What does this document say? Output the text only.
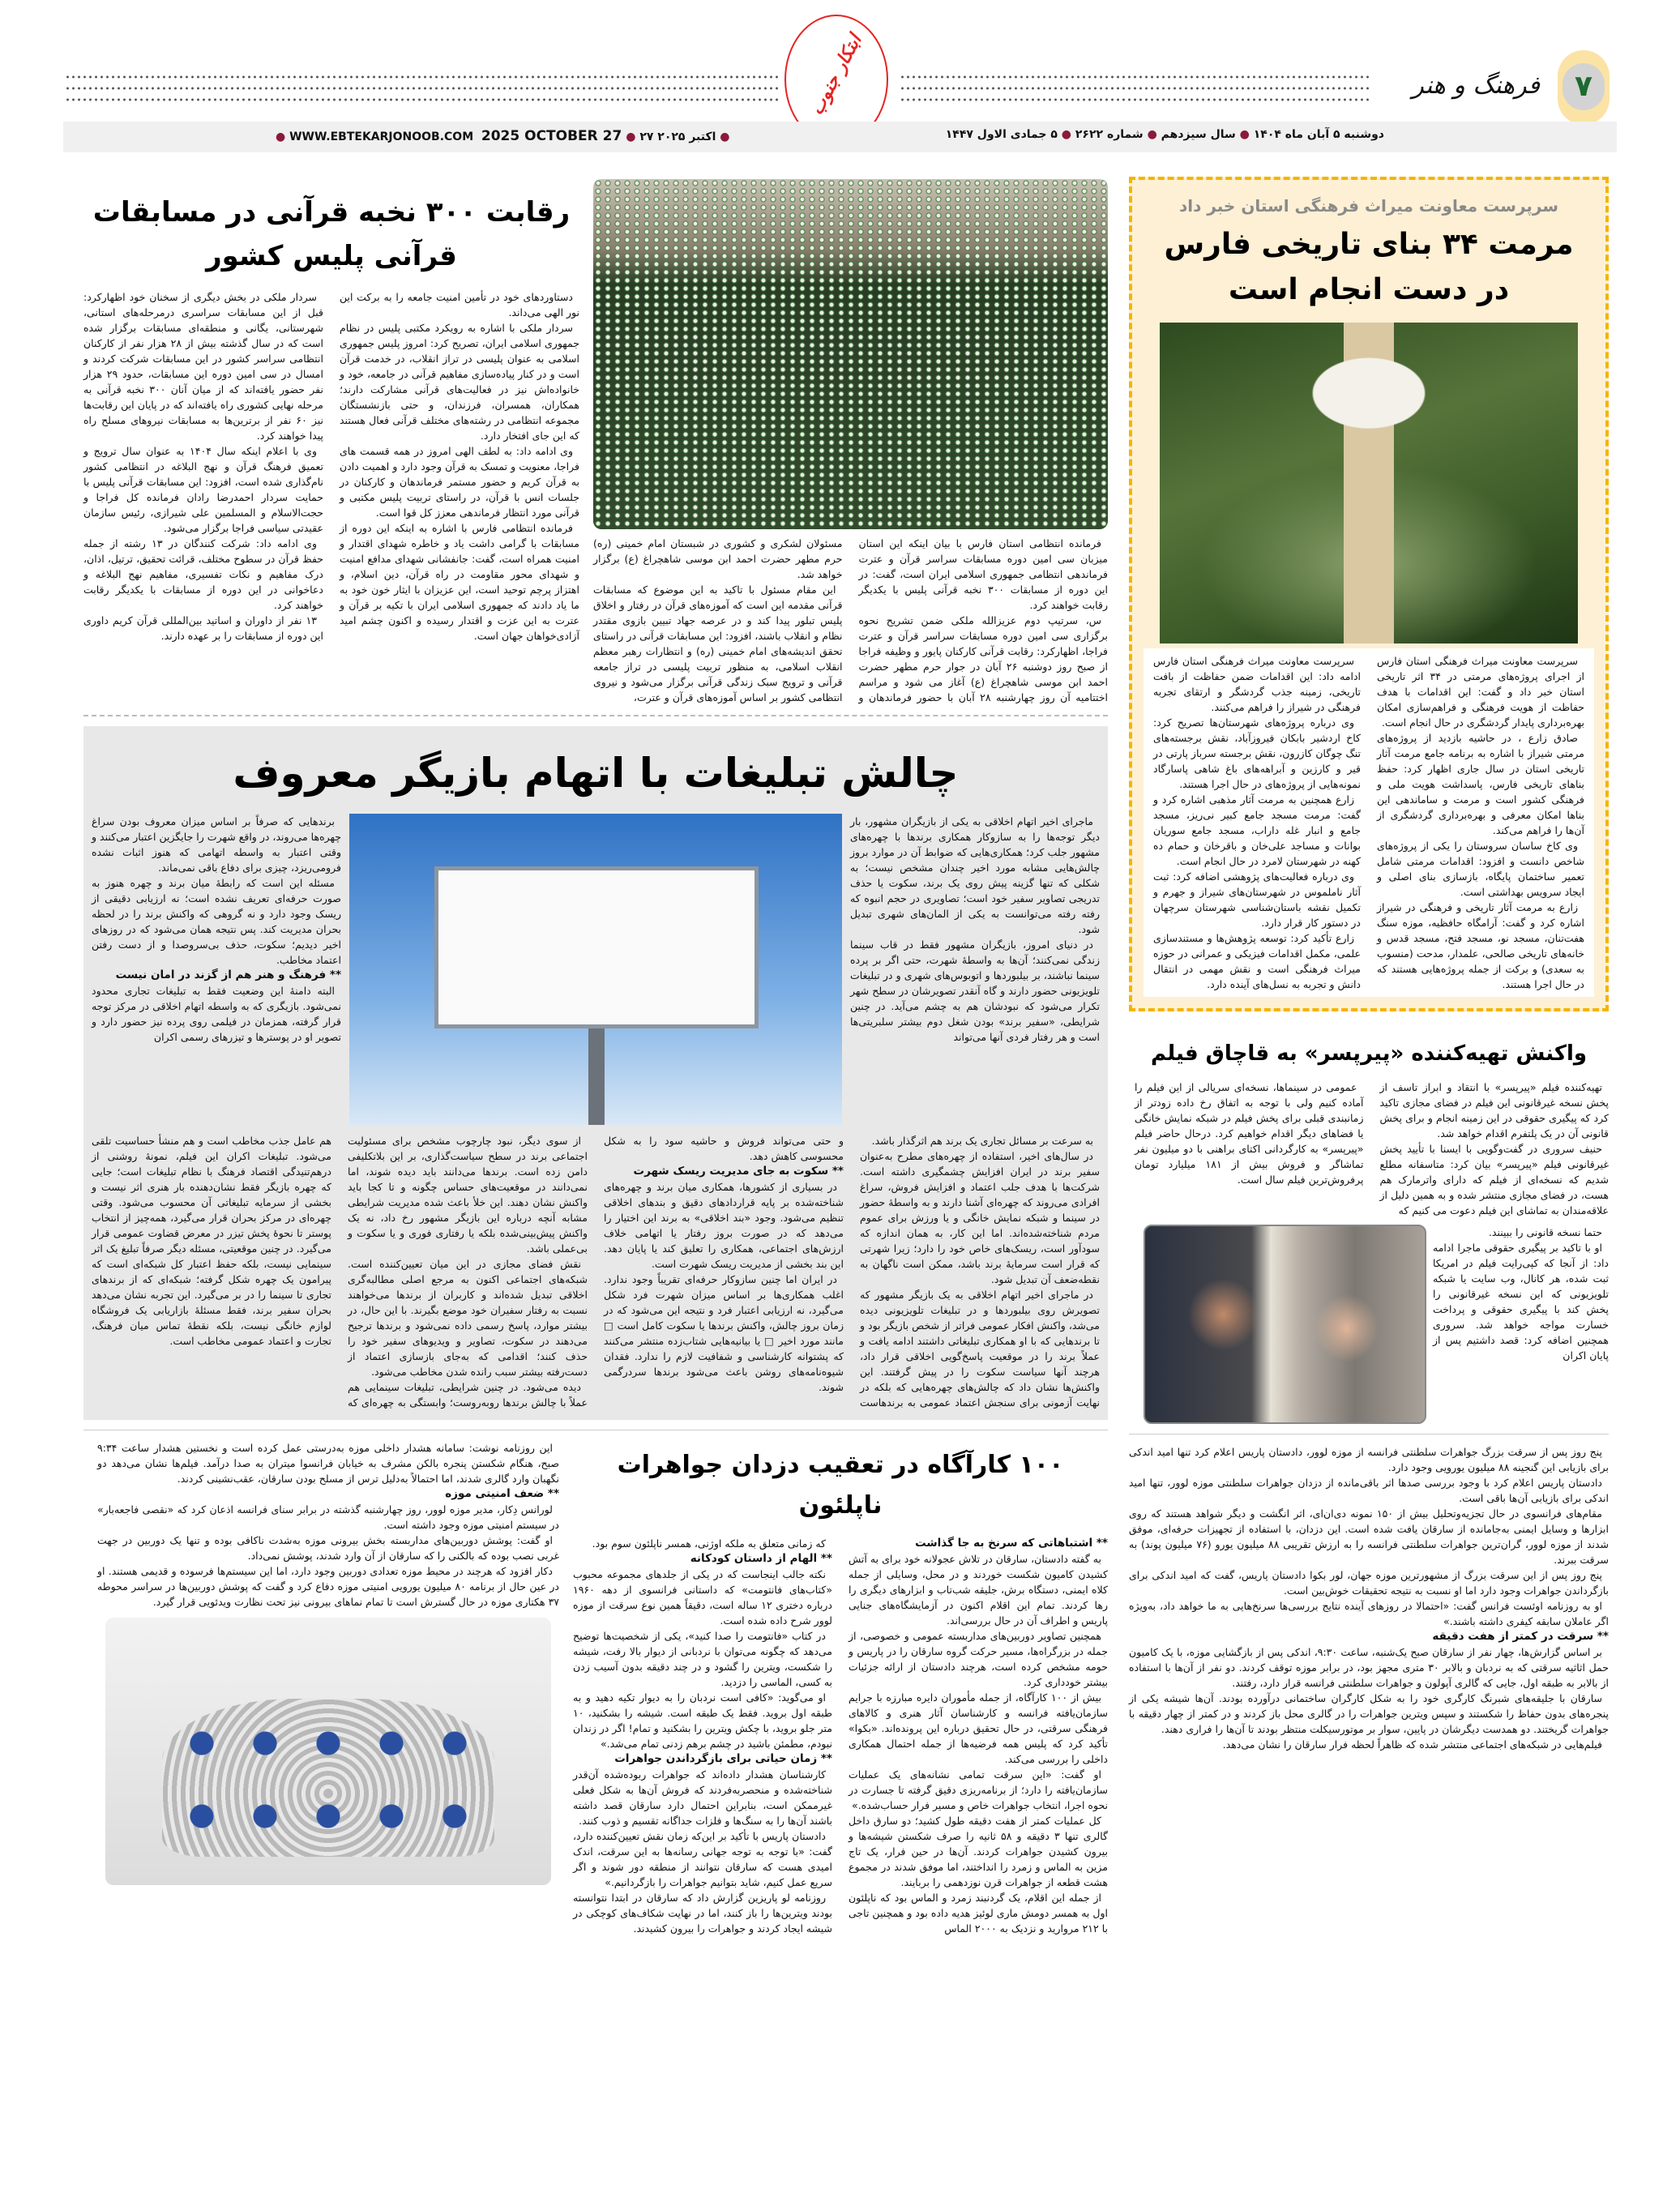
۷
فرهنگ و هنر
ابتکار جنوب
دوشنبه ۵ آبان ماه ۱۴۰۴ ● سال سیزدهم ● شماره ۲۶۲۲ ● ۵ جمادی الاول ۱۴۴۷
● WWW.EBTEKARJONOOB.COM 2025 OCTOBER 27 ● ۲۷ اکتبر ۲۰۲۵ ●
رقابت ۳۰۰ نخبه قرآنی در مسابقات
قرآنی پلیس کشور

دستاوردهای خود در تأمین امنیت جامعه را به برکت این نور الهی می‌داند.

سردار ملکی با اشاره به رویکرد مکتبی پلیس در نظام جمهوری اسلامی ایران، تصریح کرد: امروز پلیس جمهوری اسلامی به عنوان پلیسی در تراز انقلاب، در خدمت قرآن است و در کنار پیاده‌سازی مفاهیم قرآنی در جامعه، خود و خانواده‌اش نیز در فعالیت‌های قرآنی مشارکت دارند؛ همکاران، همسران، فرزندان، و حتی بازنشستگان مجموعه انتظامی در رشته‌های مختلف قرآنی فعال هستند که این جای افتخار دارد.

وی ادامه داد: به لطف الهی امروز در همه قسمت های فراجا، معنویت و تمسک به قرآن وجود دارد و اهمیت دادن به قرآن کریم و حضور مستمر فرماندهان و کارکنان در جلسات انس با قرآن، در راستای تربیت پلیس مکتبی و قرآنی مورد انتظار فرماندهی معزز کل قوا است.

فرمانده انتظامی فارس با اشاره به اینکه این دوره از مسابقات با گرامی داشت یاد و خاطره شهدای اقتدار و امنیت همراه است، گفت: جانفشانی شهدای مدافع امنیت و شهدای محور مقاومت در راه قرآن، دین اسلام، و اهتزاز پرچم توحید است، این عزیزان با ایثار خون خود به ما یاد دادند که جمهوری اسلامی ایران با تکیه بر قرآن و عترت به این عزت و اقتدار رسیده و اکنون چشم امید آزادی‌خواهان جهان است.

سردار ملکی در بخش دیگری از سخنان خود اظهارکرد: قبل از این مسابقات سراسری درمرحله‌های استانی، شهرستانی، یگانی و منطقه‌ای مسابقات برگزار شده است که در سال گذشته بیش از ۲۸ هزار نفر از کارکنان انتظامی سراسر کشور در این مسابقات شرکت کردند و امسال در سی امین دوره این مسابقات، حدود ۲۹ هزار نفر حضور یافته‌اند که از میان آنان ۳۰۰ نخبه قرآنی به مرحله نهایی کشوری راه یافته‌اند که در پایان این رقابت‌ها نیز ۶۰ نفر از برترین‌ها به مسابقات نیروهای مسلح راه پیدا خواهند کرد.

وی با اعلام اینکه سال ۱۴۰۴ به عنوان سال ترویج و تعمیق فرهنگ قرآن و نهج البلاغه در انتظامی کشور نام‌گذاری شده است، افزود: این مسابقات قرآنی پلیس با حمایت سردار احمدرضا رادان فرمانده کل فراجا و حجت‌الاسلام و المسلمین علی شیرازی، رئیس سازمان عقیدتی سیاسی فراجا برگزار می‌شود.

وی ادامه داد: شرکت کنندگان در ۱۳ رشته از جمله حفظ قرآن در سطوح مختلف، قرائت تحقیق، ترتیل، اذان، درک مفاهیم و نکات تفسیری، مفاهیم نهج البلاغه و دعاخوانی در این دوره از مسابقات با یکدیگر رقابت خواهند کرد.

۱۳ نفر از داوران و اساتید بین‌المللی قرآن کریم داوری این دوره از مسابقات را بر عهده دارند.

فرمانده انتظامی استان فارس با بیان اینکه این استان میزبان سی امین دوره مسابقات سراسر قرآن و عترت فرماندهی انتظامی جمهوری اسلامی ایران است، گفت: در این دوره از مسابقات ۳۰۰ نخبه قرآنی پلیس با یکدیگر رقابت خواهند کرد.

س، سرتیپ دوم عزیزالله ملکی ضمن تشریح نحوه برگزاری سی امین دوره مسابقات سراسر قرآن و عترت فراجا، اظهارکرد: رقابت قرآنی کارکنان پایور و وظیفه فراجا از صبح روز دوشنبه ۲۶ آبان در جوار حرم مطهر حضرت احمد ابن موسی شاهچراغ (ع) آغاز می شود و مراسم اختتامیه آن روز چهارشنبه ۲۸ آبان با حضور فرماندهان و مسئولان لشکری و کشوری در شبستان امام خمینی (ره) حرم مطهر حضرت احمد ابن موسی شاهچراغ (ع) برگزار خواهد شد.

این مقام مسئول با تاکید به این موضوع که مسابقات قرآنی مقدمه این است که آموزه‌های قرآن در رفتار و اخلاق پلیس تبلور پیدا کند و در عرصه جهاد تبیین بازوی مقتدر نظام و انقلاب باشند، افزود: این مسابقات قرآنی در راستای تحقق اندیشه‌های امام خمینی (ره) و انتظارات رهبر معظم انقلاب اسلامی، به منظور تربیت پلیسی در تراز جامعه قرآنی و ترویج سبک زندگی قرآنی برگزار می‌شود و نیروی انتظامی کشور بر اساس آموزه‌های قرآن و عترت،

چالش تبلیغات با اتهام بازیگر معروف

برندهایی که صرفاً بر اساس میزان معروف بودن سراغ چهره‌ها می‌روند، در واقع شهرت را جایگزین اعتبار می‌کنند و وقتی اعتبار به واسطه اتهامی که هنوز اثبات نشده فرومی‌ریزد، چیزی برای دفاع باقی نمی‌ماند.

مسئله این است که رابطهٔ میان برند و چهره هنوز به صورت حرفه‌ای تعریف نشده است؛ نه ارزیابی دقیقی از ریسک وجود دارد و نه گروهی که واکنش برند را در لحظه بحران مدیریت کند. پس نتیجه همان می‌شود که در روزهای اخیر دیدیم؛ سکوت، حذف بی‌سروصدا و از دست رفتن اعتماد مخاطب.

** فرهنگ و هنر هم از گزند در امان نیست

البته دامنهٔ این وضعیت فقط به تبلیغات تجاری محدود نمی‌شود. بازیگری که به واسطه اتهام اخلاقی در مرکز توجه قرار گرفته، همزمان در فیلمی روی پرده نیز حضور دارد و تصویر او در پوسترها و تیزرهای رسمی اکران

ماجرای اخیر اتهام اخلاقی به یکی از بازیگران مشهور، بار دیگر توجه‌ها را به سازوکار همکاری برندها با چهره‌های مشهور جلب کرد؛ همکاری‌هایی که ضوابط آن در موارد بروز چالش‌هایی مشابه مورد اخیر چندان مشخص نیست؛ به شکلی که تنها گزینه پیش روی یک برند، سکوت یا حذف تدریجی تصاویر سفیر خود است؛ تصاویری در حجم انبوه که رفته رفته می‌توانست به یکی از المان‌های شهری تبدیل شود.

در دنیای امروز، بازیگران مشهور فقط در قاب سینما زندگی نمی‌کنند؛ آن‌ها به واسطهٔ شهرت، حتی اگر بر پرده سینما نباشند، بر بیلبوردها و اتوبوس‌های شهری و در تبلیغات تلویزیونی حضور دارند و گاه آنقدر تصویرشان در سطح شهر تکرار می‌شود که نبودشان هم به چشم می‌آید. در چنین شرایطی، «سفیر برند» بودن شغل دوم بیشتر سلبریتی‌ها است و هر رفتار فردی آنها می‌تواند

به سرعت بر مسائل تجاری یک برند هم اثرگذار باشد.

در سال‌های اخیر، استفاده از چهره‌های مطرح به‌عنوان سفیر برند در ایران افزایش چشمگیری داشته است. شرکت‌ها با هدف جلب اعتماد و افزایش فروش، سراغ افرادی می‌روند که چهره‌ای آشنا دارند و به واسطهٔ حضور در سینما و شبکه نمایش خانگی و یا ورزش برای عموم مردم شناخته‌شده‌اند. اما این کار، به همان اندازه که سودآور است، ریسک‌های خاص خود را دارد؛ زیرا شهرتی که قرار است سرمایهٔ برند باشد، ممکن است ناگهان به نقطه‌ضعف آن تبدیل شود.

در ماجرای اخیر اتهام اخلاقی به یک بازیگر مشهور که تصویرش روی بیلبوردها و در تبلیغات تلویزیونی دیده می‌شد، واکنش افکار عمومی فراتر از شخص بازیگر بود و تا برندهایی که با او همکاری تبلیغاتی داشتند ادامه یافت و عملاً برند را در موقعیت پاسخ‌گویی اخلاقی قرار داد، هرچند آنها سیاست سکوت را در پیش گرفتند. این واکنش‌ها نشان داد که چالش‌های چهره‌هایی که بلکه در نهایت آزمونی برای سنجش اعتماد عمومی به برندهاست و حتی می‌تواند فروش و حاشیه سود را به شکل محسوسی کاهش دهد.

** سکوت به جای مدیریت ریسک شهرت

در بسیاری از کشورها، همکاری میان برند و چهره‌های شناخته‌شده بر پایه قراردادهای دقیق و بندهای اخلاقی تنظیم می‌شود. وجود «بند اخلاقی» به برند این اختیار را می‌دهد که در صورت بروز رفتار یا اتهامی خلاف ارزش‌های اجتماعی، همکاری را تعلیق کند یا پایان دهد. این بند بخشی از مدیریت ریسک شهرت است.

در ایران اما چنین سازوکار حرفه‌ای تقریباً وجود ندارد. اغلب همکاری‌ها بر اساس میزان شهرت فرد شکل می‌گیرد، نه ارزیابی اعتبار فرد و نتیجه این می‌شود که در زمان بروز چالش، واکنش برندها یا سکوت کامل است □ مانند مورد اخیر □ یا بیانیه‌هایی شتاب‌زده منتشر می‌کنند که پشتوانه کارشناسی و شفافیت لازم را ندارد. فقدان شیوه‌نامه‌های روشن باعث می‌شود برندها سردرگمی شوند.

از سوی دیگر، نبود چارچوب مشخص برای مسئولیت اجتماعی برند در سطح سیاست‌گذاری، بر این بلاتکلیفی دامن زده است. برندها می‌دانند باید دیده شوند، اما نمی‌دانند در موقعیت‌های حساس چگونه و تا کجا باید واکنش نشان دهند. این خلأ باعث شده مدیریت شرایطی مشابه آنچه درباره این بازیگر مشهور رخ داد، نه یک واکنش پیش‌بینی‌شده بلکه یا رفتاری فوری و یا سکوت و بی‌عملی باشد.

نقش فضای مجازی در این میان تعیین‌کننده است. شبکه‌های اجتماعی اکنون به مرجع اصلی مطالبه‌گری اخلاقی تبدیل شده‌اند و کاربران از برندها می‌خواهند نسبت به رفتار سفیران خود موضع بگیرند. با این حال، در بیشتر موارد، پاسخ رسمی داده نمی‌شود و برندها ترجیح می‌دهند در سکوت، تصاویر و ویدیوهای سفیر خود را حذف کنند؛ اقدامی که به‌جای بازسازی اعتماد از دست‌رفته بیشتر سبب رانده شدن مخاطب می‌شود.

دیده می‌شود. در چنین شرایطی، تبلیغات سینمایی هم عملاً با چالش برندها روبه‌روست؛ وابستگی به چهره‌ای که هم عامل جذب مخاطب است و هم منشأ حساسیت تلقی می‌شود. تبلیغات اکران این فیلم، نمونهٔ روشنی از درهم‌تنیدگی اقتصاد فرهنگ با نظام تبلیغات است؛ جایی که چهره بازیگر فقط نشان‌دهنده بار هنری اثر نیست و بخشی از سرمایه تبلیغاتی آن محسوب می‌شود. وقتی چهره‌ای در مرکز بحران قرار می‌گیرد، همه‌چیز از انتخاب پوستر تا نحوهٔ پخش تیزر در معرض قضاوت عمومی قرار می‌گیرد. در چنین موقعیتی، مسئله دیگر صرفاً تبلیغ یک اثر سینمایی نیست، بلکه حفظ اعتبار کل شبکه‌ای است که پیرامون یک چهره شکل گرفته؛ شبکه‌ای که از برندهای تجاری تا سینما را در بر می‌گیرد. این تجربه نشان می‌دهد بحران سفیر برند، فقط مسئلهٔ بازاریابی یک فروشگاه لوازم خانگی نیست، بلکه نقطهٔ تماس میان فرهنگ، تجارت و اعتماد عمومی مخاطب است.

این روزنامه نوشت: سامانه هشدار داخلی موزه به‌درستی عمل کرده است و نخستین هشدار ساعت ۹:۳۴ صبح، هنگام شکستن پنجره بالکن مشرف به خیابان فرانسوا میتران به صدا درآمد. فیلم‌ها نشان می‌دهد دو نگهبان وارد گالری شدند، اما احتمالاً به‌دلیل ترس از مسلح بودن سارقان، عقب‌نشینی کردند.

** ضعف امنیتی موزه

لورانس دِکار، مدیر موزه لوور، روز چهارشنبه گذشته در برابر سنای فرانسه اذعان کرد که «نقصی فاجعه‌بار» در سیستم امنیتی موزه وجود داشته است.

او گفت: پوشش دوربین‌های مداربسته بخش بیرونی موزه به‌شدت ناکافی بوده و تنها یک دوربین در جهت غربی نصب بوده که بالکنی را که سارقان از آن وارد شدند، پوشش نمی‌داد.

دکار افزود که هرچند در محیط موزه تعدادی دوربین وجود دارد، اما این سیستم‌ها فرسوده و قدیمی هستند. او در عین حال از برنامه ۸۰ میلیون یورویی امنیتی موزه دفاع کرد و گفت که پوشش دوربین‌ها در سراسر محوطه ۳۷ هکتاری موزه در حال گسترش است تا تمام نماهای بیرونی نیز تحت نظارت ویدئویی قرار گیرد.

۱۰۰ کارآگاه در تعقیب دزدان جواهرات ناپلئون

که زمانی متعلق به ملکه اوژنی، همسر ناپلئون سوم بود.

** الهام از داستان کودکانه

نکته جالب اینجاست که در یکی از جلدهای مجموعه محبوب «کتاب‌های فانتومت» که داستانی فرانسوی از دهه ۱۹۶۰ درباره دختری ۱۲ ساله است، دقیقاً همین نوع سرقت از موزه لوور شرح داده شده است.

در کتاب «فانتومت را صدا کنید»، یکی از شخصیت‌ها توضیح می‌دهد که چگونه می‌توان با نردبانی از دیوار بالا رفت، شیشه را شکست، ویترین را گشود و در چند دقیقه بدون آسیب زدن به کسی، الماسی را دزدید.

او می‌گوید: «کافی است نردبان را به دیوار تکیه دهید و به طبقه اول بروید. فقط یک طبقه است. شیشه را بشکنید، ۱۰ متر جلو بروید، با چکش ویترین را بشکنید و تمام! اگر در زندان نبودم، مطمئن باشید در چشم برهم زدنی تمام می‌شد.»

** زمان حیاتی برای بازگرداندن جواهرات

کارشناسان هشدار داده‌اند که جواهرات ربوده‌شده آن‌قدر شناخته‌شده و منحصربه‌فردند که فروش آن‌ها به شکل فعلی غیرممکن است، بنابراین احتمال دارد سارقان قصد داشته باشند آن‌ها را به سنگ‌ها و فلزات جداگانه تقسیم و ذوب کنند.

دادستان پاریس با تأکید بر این‌که زمان نقش تعیین‌کننده دارد، گفت: «با توجه به توجه جهانی رسانه‌ها به این سرقت، اندک امیدی هست که سارقان نتوانند از منطقه دور شوند و اگر سریع عمل کنیم، شاید بتوانیم جواهرات را بازگردانیم.»

روزنامه لو پاریزین گزارش داد که سارقان در ابتدا نتوانسته بودند ویترین‌ها را باز کنند، اما در نهایت شکاف‌های کوچکی در شیشه ایجاد کردند و جواهرات را بیرون کشیدند.

** اشتباهاتی که سرنخ به جا گذاشت

به گفته دادستان، سارقان در تلاش عجولانه خود برای به آتش کشیدن کامیون شکست خوردند و در محل، وسایلی از جمله کلاه ایمنی، دستگاه برش، جلیقه شب‌تاب و ابزارهای دیگری را رها کردند. تمام این اقلام اکنون در آزمایشگاه‌های جنایی پاریس و اطراف آن در حال بررسی‌اند.

همچنین تصاویر دوربین‌های مداربسته عمومی و خصوصی، از جمله در بزرگراه‌ها، مسیر حرکت گروه سارقان را در پاریس و حومه مشخص کرده است، هرچند دادستان از ارائه جزئیات بیشتر خودداری کرد.

بیش از ۱۰۰ کارآگاه، از جمله مأموران دایره مبارزه با جرایم سازمان‌یافته فرانسه و کارشناسان آثار هنری و کالاهای فرهنگی سرقتی، در حال تحقیق درباره این پرونده‌اند. «بکوا» تأکید کرد که پلیس همه فرضیه‌ها از جمله احتمال همکاری داخلی را بررسی می‌کند.

او گفت: «این سرقت تمامی نشانه‌های یک عملیات سازمان‌یافته را دارد؛ از برنامه‌ریزی دقیق گرفته تا جسارت در نحوه اجرا، انتخاب جواهرات خاص و مسیر فرار حساب‌شده.»

کل عملیات کمتر از هفت دقیقه طول کشید؛ دو سارق داخل گالری تنها ۳ دقیقه و ۵۸ ثانیه را صرف شکستن شیشه‌ها و بیرون کشیدن جواهرات کردند. آن‌ها در حین فرار، یک تاج مزین به الماس و زمرد را انداختند، اما موفق شدند در مجموع هشت قطعه از جواهرات قرن نوزدهمی را بربایند.

از جمله این اقلام، یک گردنبند زمرد و الماس بود که ناپلئون اول به همسر دومش ماری لوئیز هدیه داده بود و همچنین تاجی با ۲۱۲ مروارید و نزدیک به ۲۰۰۰ الماس

سرپرست معاونت میراث فرهنگی استان خبر داد
مرمت ۳۴ بنای تاریخی فارس
در دست انجام است

سرپرست معاونت میراث فرهنگی استان فارس از اجرای پروژه‌های مرمتی در ۳۴ اثر تاریخی استان خبر داد و گفت: این اقدامات با هدف حفاظت از هویت فرهنگی و فراهم‌سازی امکان بهره‌برداری پایدار گردشگری در حال انجام است.

صادق زارع ، در حاشیه بازدید از پروژه‌های مرمتی شیراز با اشاره به برنامه جامع مرمت آثار تاریخی استان در سال جاری اظهار کرد: حفظ بناهای تاریخی فارس، پاسداشت هویت ملی و فرهنگی کشور است و مرمت و ساماندهی این بناها امکان معرفی و بهره‌برداری گردشگری از آن‌ها را فراهم می‌کند.

وی کاخ ساسان سروستان را یکی از پروژه‌های شاخص دانست و افزود: اقدامات مرمتی شامل تعمیر ساختمان پایگاه، بازسازی بنای اصلی و ایجاد سرویس بهداشتی است.

زارع به مرمت آثار تاریخی و فرهنگی در شیراز اشاره کرد و گفت: آرامگاه حافظیه، موزه سنگ هفت‌تنان، مسجد نو، مسجد فتح، مسجد قدس و خانه‌های تاریخی صالحی، علمدار، مدحت (منسوب به سعدی) و برکت از جمله پروژه‌هایی هستند که در حال اجرا هستند.

سرپرست معاونت میراث فرهنگی استان فارس ادامه داد: این اقدامات ضمن حفاظت از بافت تاریخی، زمینه جذب گردشگر و ارتقای تجربه فرهنگی در شیراز را فراهم می‌کنند.

وی درباره پروژه‌های شهرستان‌ها تصریح کرد: کاخ اردشیر بابکان فیروزآباد، نقش برجسته‌های تنگ چوگان کازرون، نقش برجسته سرباز پارتی در قیر و کارزین و آبراهه‌های باغ شاهی پاسارگاد نمونه‌هایی از پروژه‌های در حال اجرا هستند.

زارع همچنین به مرمت آثار مذهبی اشاره کرد و گفت: مرمت مسجد جامع کبیر نی‌ریز، مسجد جامع و انبار غله داراب، مسجد جامع سوریان بوانات و مساجد علی‌خان و باقرخان و حمام ده کهنه در شهرستان لامرد در حال انجام است.

وی درباره فعالیت‌های پژوهشی اضافه کرد: ثبت آثار ناملموس در شهرستان‌های شیراز و جهرم و تکمیل نقشه باستان‌شناسی شهرستان سرچهان در دستور کار قرار دارد.

زارع تأکید کرد: توسعه پژوهش‌ها و مستندسازی علمی، مکمل اقدامات فیزیکی و عمرانی در حوزه میراث فرهنگی است و نقش مهمی در انتقال دانش و تجربه به نسل‌های آینده دارد.

واکنش تهیه‌کننده «پیرپسر» به قاچاق فیلم

تهیه‌کننده فیلم «پیرپسر» با انتقاد و ابراز تاسف از پخش نسخه غیرقانونی این فیلم در فضای مجازی تاکید کرد که پیگیری حقوقی در این زمینه انجام و برای پخش قانونی آن در یک پلتفرم اقدام خواهد شد.

حنیف سروری در گفت‌وگویی با ایسنا با تأیید پخش غیرقانونی فیلم «پیرپسر» بیان کرد: متاسفانه مطلع شدیم که نسخه‌ای از فیلم که دارای واترمارک هم هست، در فضای مجازی منتشر شده و به همین دلیل از علاقه‌مندان به تماشای این فیلم دعوت می کنیم که

عمومی در سینماها، نسخه‌ای سریالی از این فیلم را آماده کنیم ولی با توجه به اتفاق رخ داده زودتر از زمانبندی قبلی برای پخش فیلم در شبکه نمایش خانگی یا فضاهای دیگر اقدام خواهیم کرد. درحال حاضر فیلم «پیرپسر» به کارگردانی اکتای براهنی با دو میلیون نفر تماشاگر و فروش بیش از ۱۸۱ میلیارد تومان پرفروش‌ترین فیلم سال است.

حتما نسخه قانونی را ببینند.

او با تاکید بر پیگیری حقوقی ماجرا ادامه داد: از آنجا که کپی‌رایت فیلم در امریکا ثبت شده، هر کانال، وب سایت یا شبکه تلویزیونی که این نسخه غیرقانونی را پخش کند با پیگیری حقوقی و پرداخت خسارت مواجه خواهد شد. سروری همچنین اضافه کرد: قصد داشتیم پس از پایان اکران

پنج روز پس از سرقت بزرگ جواهرات سلطنتی فرانسه از موزه لوور، دادستان پاریس اعلام کرد تنها امید اندکی برای بازیابی این گنجینه ۸۸ میلیون یورویی وجود دارد.

دادستان پاریس اعلام کرد با وجود بررسی صدها اثر باقی‌مانده از دزدان جواهرات سلطنتی موزه لوور، تنها امید اندکی برای بازیابی آن‌ها باقی است.

مقام‌های فرانسوی در حال تجزیه‌وتحلیل بیش از ۱۵۰ نمونه دی‌ان‌ای، اثر انگشت و دیگر شواهد هستند که روی ابزارها و وسایل ایمنی به‌جامانده از سارقان یافت شده است. این دزدان، با استفاده از تجهیزات حرفه‌ای، موفق شدند از موزه لوور، گران‌ترین جواهرات سلطنتی فرانسه را به ارزش تقریبی ۸۸ میلیون یورو (۷۶ میلیون پوند) به سرقت ببرند.

پنج روز پس از این سرقت بزرگ از مشهورترین موزه جهان، لور بکوا دادستان پاریس، گفت که امید اندکی برای بازگرداندن جواهرات وجود دارد اما او نسبت به نتیجه تحقیقات خوش‌بین است.

او به روزنامه اوئست فرانس گفت: «احتمالا در روزهای آینده نتایج بررسی‌ها سرنخ‌هایی به ما خواهد داد، به‌ویژه اگر عاملان سابقه کیفری داشته باشند.»

** سرقت در کمتر از هفت دقیقه

بر اساس گزارش‌ها، چهار نفر از سارقان صبح یک‌شنبه، ساعت ۹:۳۰، اندکی پس از بازگشایی موزه، با یک کامیون حمل اثاثیه سرقتی که به نردبان و بالابر ۳۰ متری مجهز بود، در برابر موزه توقف کردند. دو نفر از آن‌ها با استفاده از بالابر به طبقه اول، جایی که گالری آپولون و جواهرات سلطنتی فرانسه قرار دارد، رفتند.

سارقان با جلیقه‌های شبرنگ کارگری خود را به شکل کارگران ساختمانی درآورده بودند. آن‌ها شیشه یکی از پنجره‌های بدون حفاظ را شکستند و سپس ویترین جواهرات را در گالری محل باز کردند و در کمتر از چهار دقیقه با جواهرات گریختند. دو همدست دیگرشان در پایین، سوار بر موتورسیکلت منتظر بودند تا آن‌ها را فراری دهند.

فیلم‌هایی در شبکه‌های اجتماعی منتشر شده که ظاهراً لحظه فرار سارقان را نشان می‌دهد.
